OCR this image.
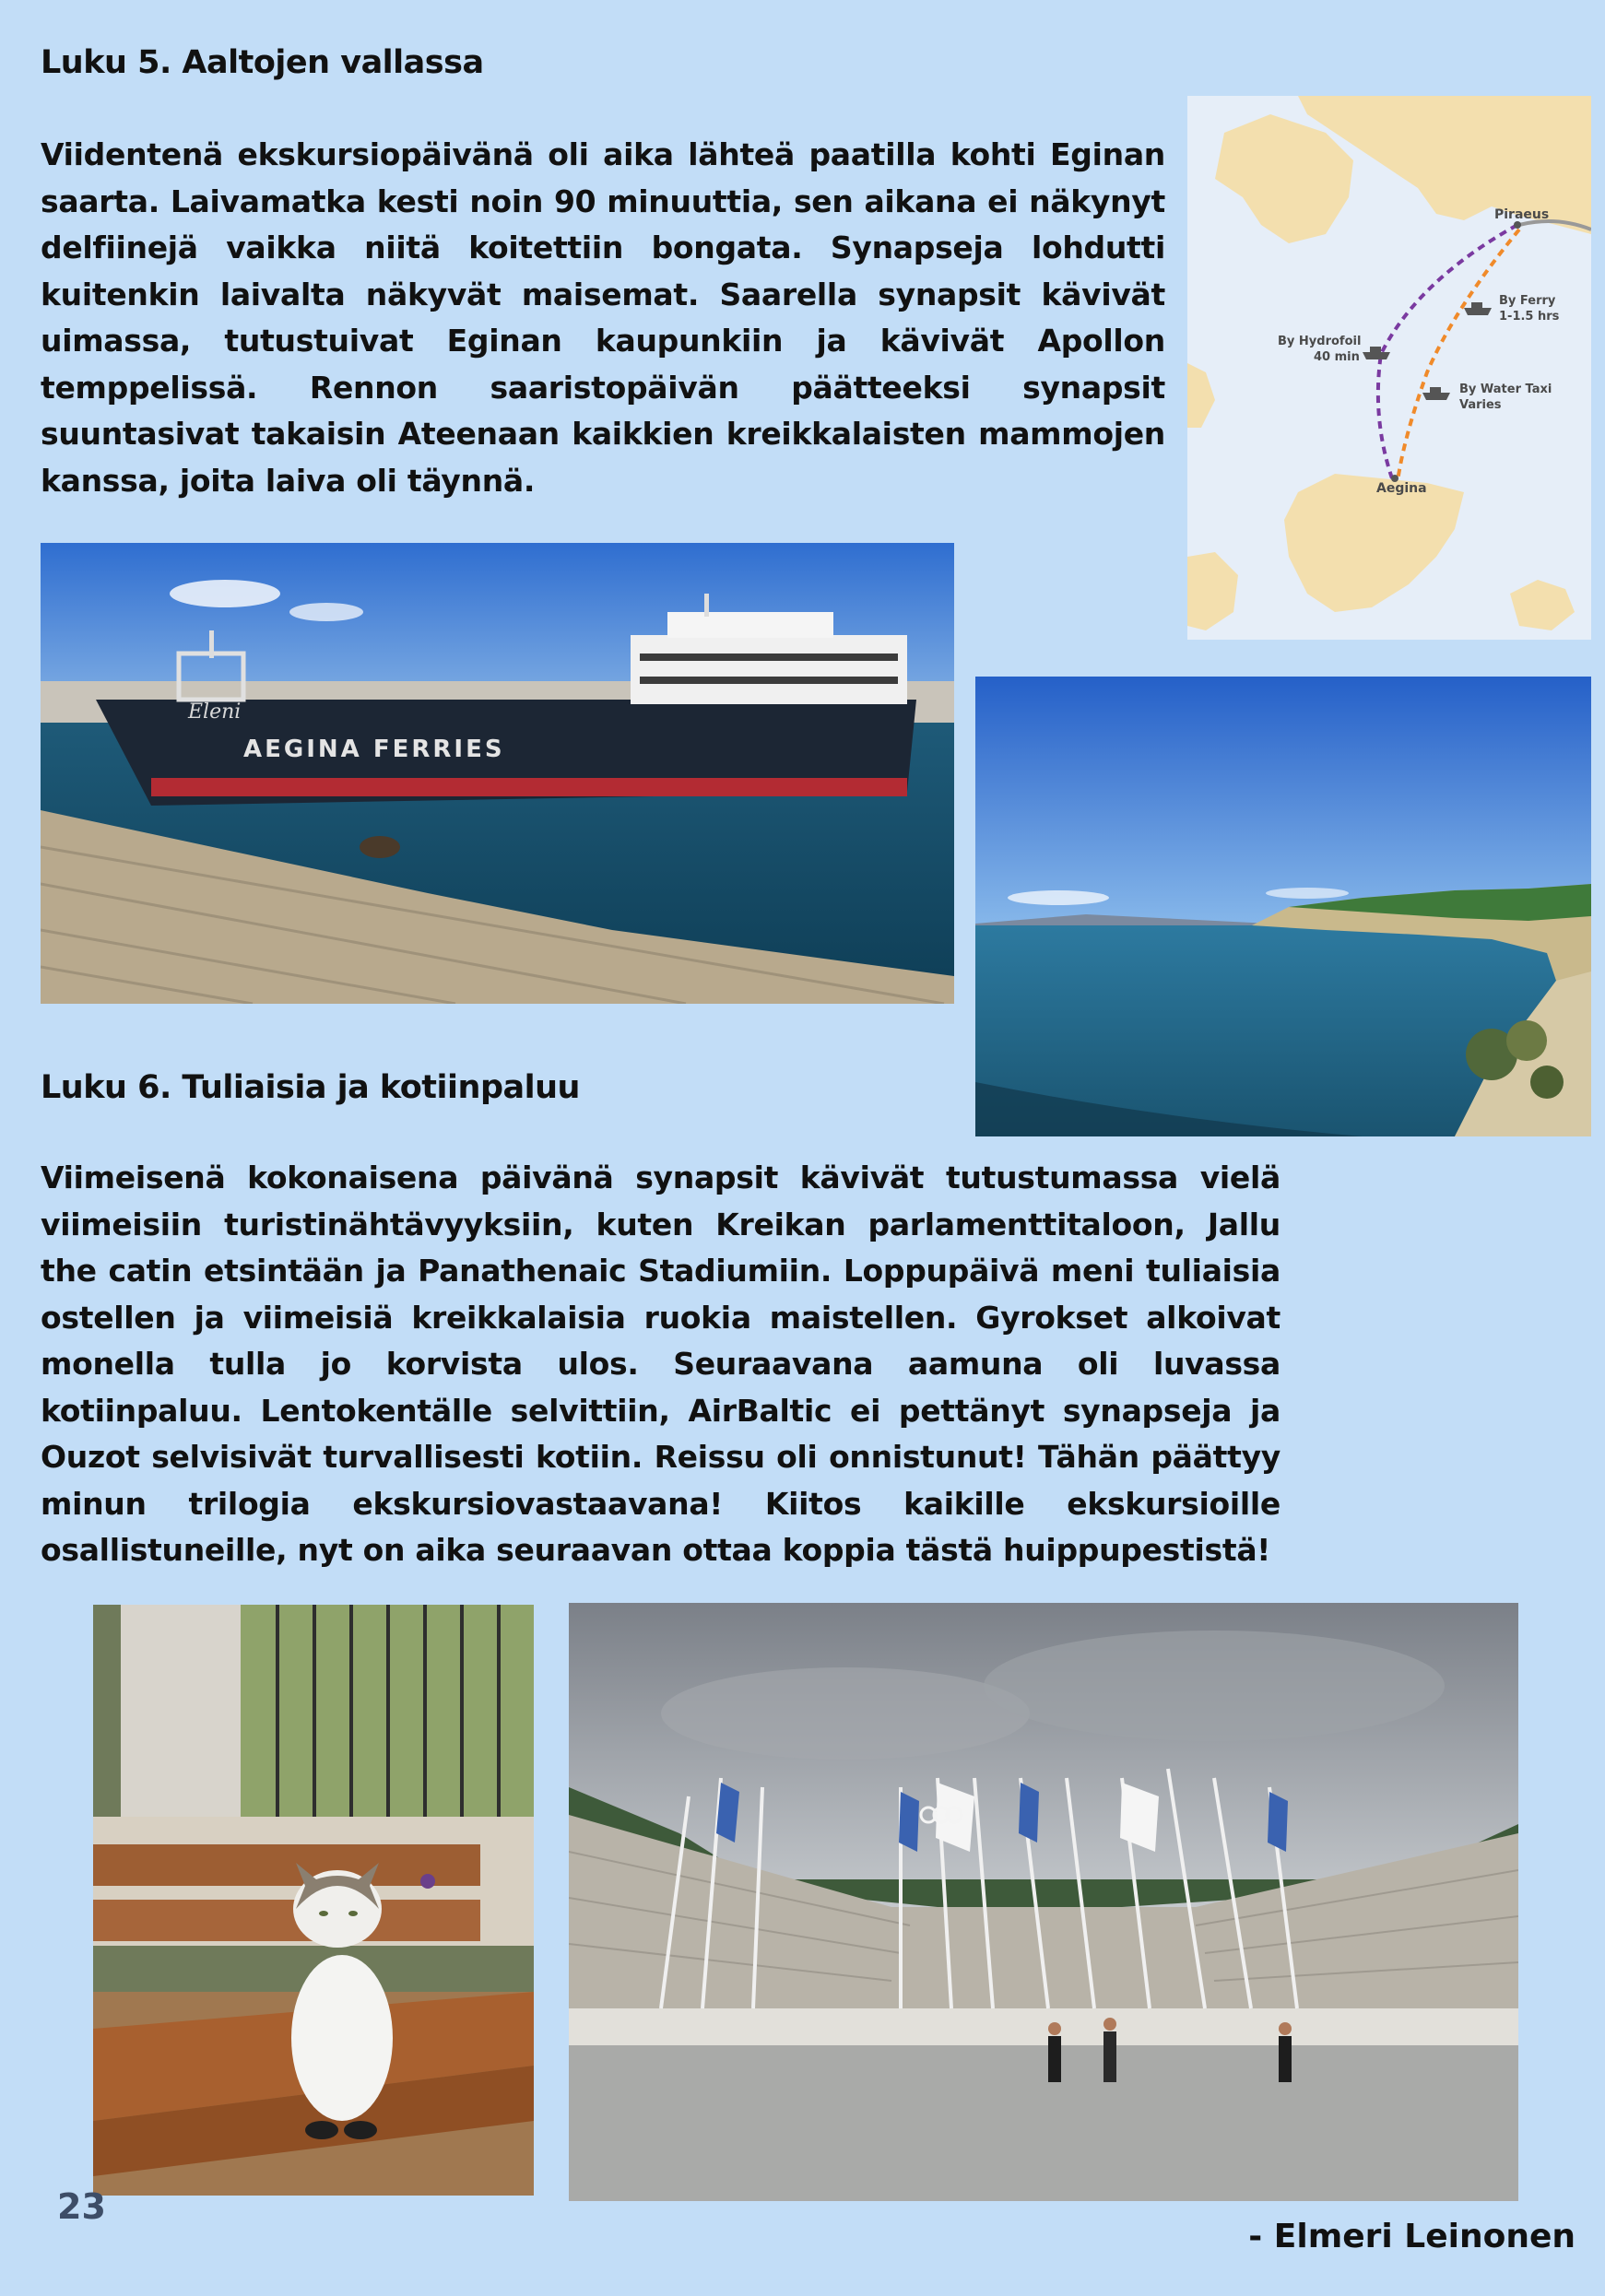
Luku 5. Aaltojen vallassa

Viidentenä ekskursiopäivänä oli aika lähteä paatilla kohti Eginan saarta. Laivamatka kesti noin 90 minuuttia, sen aikana ei näkynyt delfiinejä vaikka niitä koitettiin bongata. Synapseja lohdutti kuitenkin laivalta näkyvät maisemat. Saarella synapsit kävivät uimassa, tutustuivat Eginan kaupunkiin ja kävivät Apollon temppelissä. Rennon saaristopäivän päätteeksi synapsit suuntasivat takaisin Ateenaan kaikkien kreikkalaisten mammojen kanssa, joita laiva oli täynnä.

Piraeus
Aegina
By Hydrofoil
40 min
By Ferry
1-1.5 hrs
By Water Taxi
Varies
Eleni
AEGINA FERRIES
Luku 6. Tuliaisia ja kotiinpaluu

Viimeisenä kokonaisena päivänä synapsit kävivät tutustumassa vielä viimeisiin turistinähtävyyksiin, kuten Kreikan parlamenttitaloon, Jallu the catin etsintään ja Panathenaic Stadiumiin. Loppupäivä meni tuliaisia ostellen ja viimeisiä kreikkalaisia ruokia maistellen. Gyrokset alkoivat monella tulla jo korvista ulos. Seuraavana aamuna oli luvassa kotiinpaluu. Lentokentälle selvittiin, AirBaltic ei pettänyt synapseja ja Ouzot selvisivät turvallisesti kotiin. Reissu oli onnistunut! Tähän päättyy minun trilogia ekskursiovastaavana! Kiitos kaikille ekskursioille osallistuneille, nyt on aika seuraavan ottaa koppia tästä huippupestistä!

23
- Elmeri Leinonen
